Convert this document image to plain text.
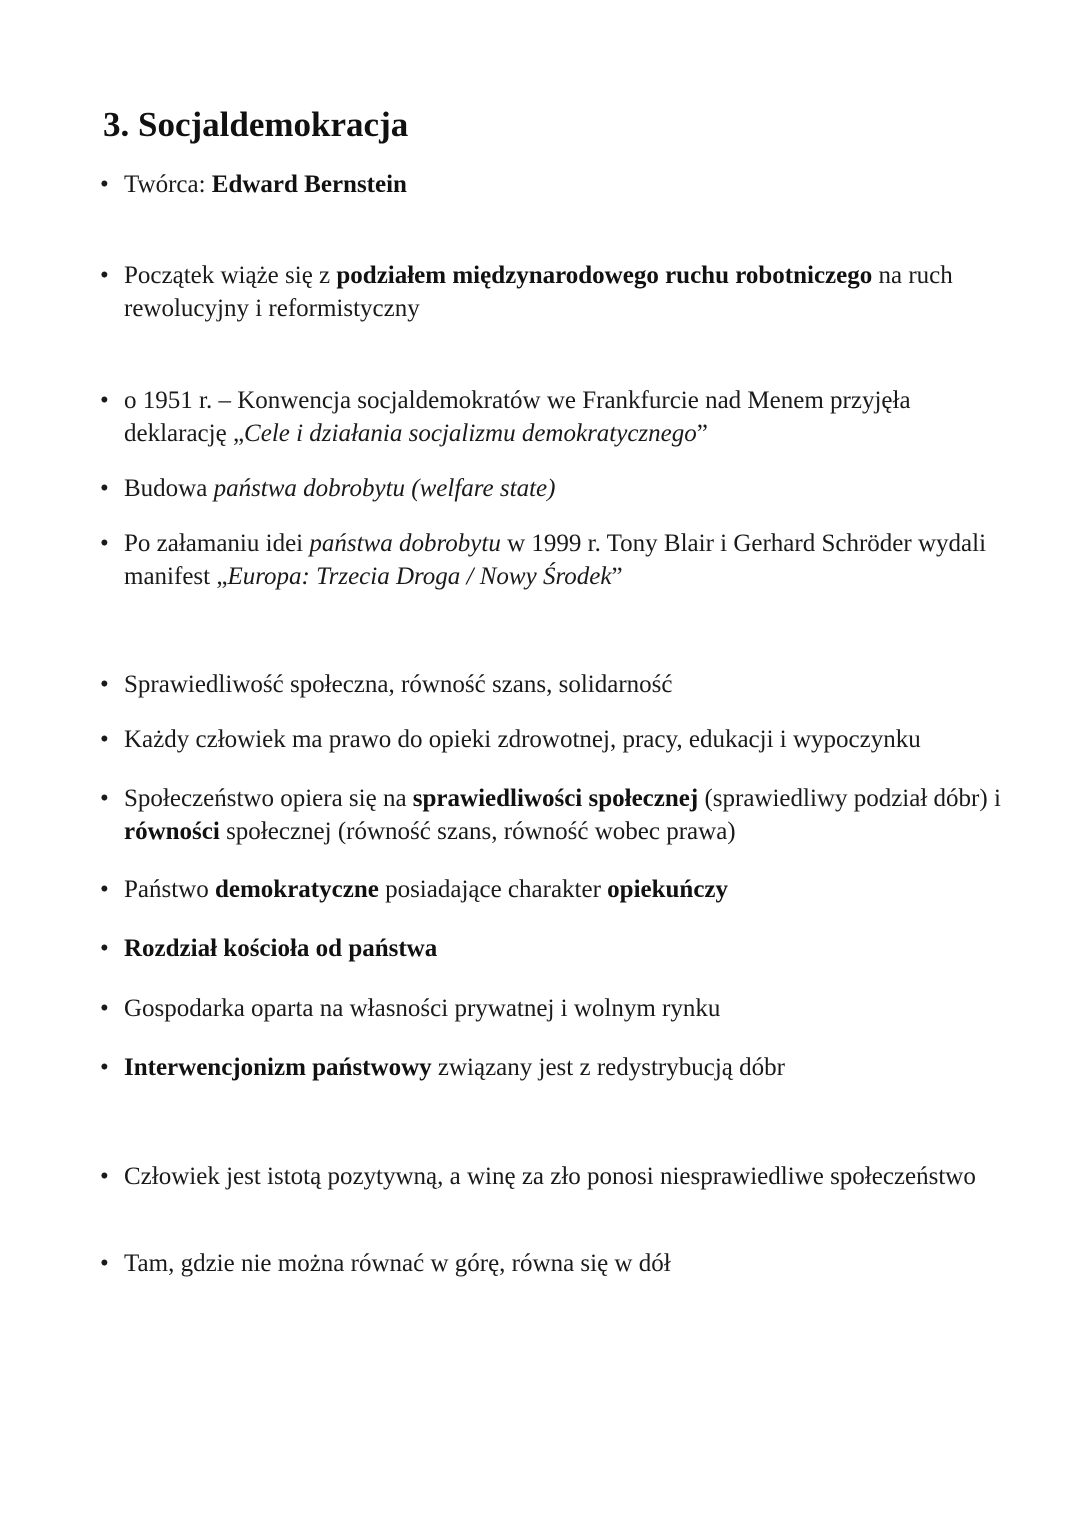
3. Socjaldemokracja
• Twórca: Edward Bernstein
• Początek wiąże się z podziałem międzynarodowego ruchu robotniczego na ruch rewolucyjny i reformistyczny
• o 1951 r. – Konwencja socjaldemokratów we Frankfurcie nad Menem przyjęła deklarację „Cele i działania socjalizmu demokratycznego”
• Budowa państwa dobrobytu (welfare state)
• Po załamaniu idei państwa dobrobytu w 1999 r. Tony Blair i Gerhard Schröder wydali manifest „Europa: Trzecia Droga / Nowy Środek”
• Sprawiedliwość społeczna, równość szans, solidarność
• Każdy człowiek ma prawo do opieki zdrowotnej, pracy, edukacji i wypoczynku
• Społeczeństwo opiera się na sprawiedliwości społecznej (sprawiedliwy podział dóbr) i równości społecznej (równość szans, równość wobec prawa)
• Państwo demokratyczne posiadające charakter opiekuńczy
• Rozdział kościoła od państwa
• Gospodarka oparta na własności prywatnej i wolnym rynku
• Interwencjonizm państwowy związany jest z redystrybucją dóbr
• Człowiek jest istotą pozytywną, a winę za zło ponosi niesprawiedliwe społeczeństwo
• Tam, gdzie nie można równać w górę, równa się w dół
